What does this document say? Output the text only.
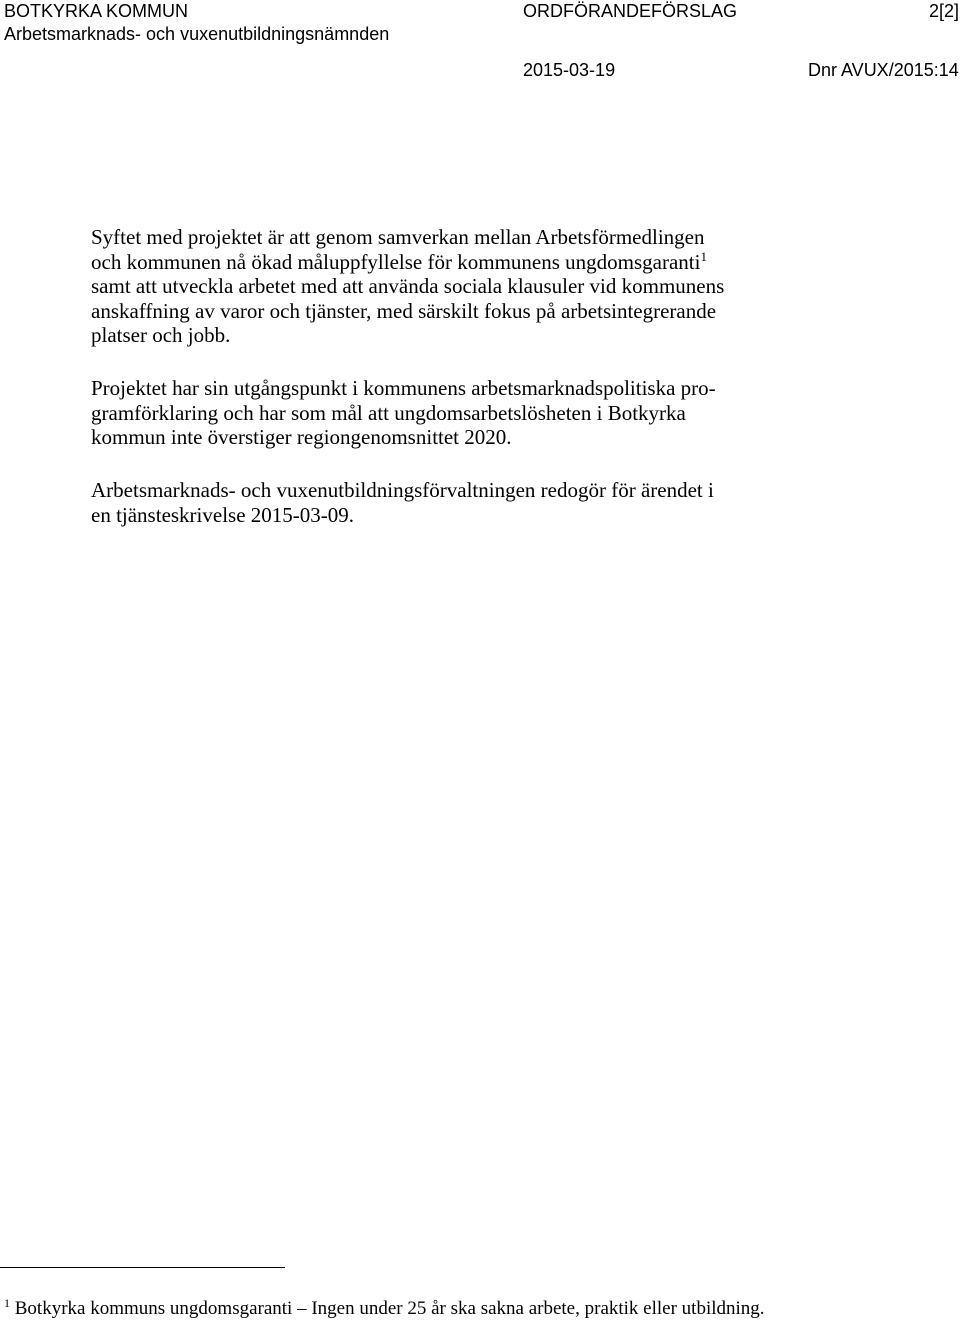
BOTKYRKA KOMMUN
Arbetsmarknads- och vuxenutbildningsnämnden
ORDFÖRANDEFÖRSLAG	2[2]
2015-03-19	Dnr AVUX/2015:14
Syftet med projektet är att genom samverkan mellan Arbetsförmedlingen
och kommunen nå ökad måluppfyllelse för kommunens ungdomsgaranti$^1$
samt att utveckla arbetet med att använda sociala klausuler vid kommunens
anskaffning av varor och tjänster, med särskilt fokus på arbetsintegrerande
platser och jobb.
Projektet har sin utgångspunkt i kommunens arbetsmarknadspolitiska pro-
gramförklaring och har som mål att ungdomsarbetslösheten i Botkyrka
kommun inte överstiger regiongenomsnittet 2020.
Arbetsmarknads- och vuxenutbildningsförvaltningen redogör för ärendet i
en tjänsteskrivelse 2015-03-09.
$^1$ Botkyrka kommuns ungdomsgaranti – Ingen under 25 år ska sakna arbete, praktik eller utbildning.
